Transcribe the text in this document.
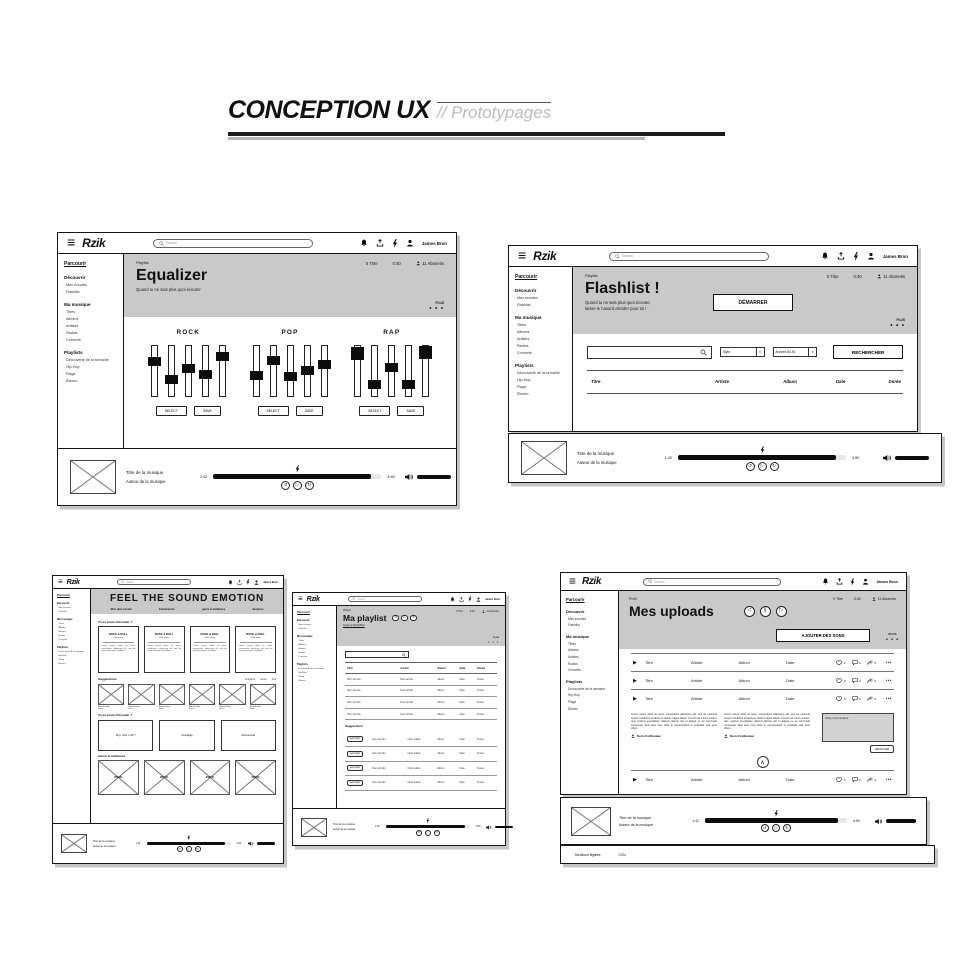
CONCEPTION UX // Prototypages
≡ Rzik	Search	James Bron
Parcourir
Découvrir
Mes écoutes
Flashlist
Ma musique
Titres
Albums
Artistes
Radios
Concerts
Playlists
Découverte de la semaine
Hip-Hop
Plage
Électro
Playlist
Equalizer
Quand tu ne sais plus quoi écouter
0 Titre	0:40	11 Abonnés
PLUS
• • •
ROCK
SELECT	SAVE
POP
SELECT	SAVE
RAP
SELECT	SAVE
Titre de la musique
Auteur de la musique
1:42	4:50
↺	▷	↻
≡ Rzik	Search	James Bron
Parcourir
Découvrir
Mes écoutes
Flashlist
Ma musique
Titres
Albums
Artistes
Radios
Concerts
Playlists
Découverte de la semaine
Hip-Hop
Plage
Électro
Playlist
Flashlist !
Quand tu ne sais plus quoi écouter,
laisse le hasard décider pour toi !
DÉMARRER
0 Titre	0:40	11 Abonnés
PLUS
• • •
Style	▼	Années 80-90	▼	RECHERCHER
Titre	Artiste	Album	Date	Durée
Titre de la musique
Auteur de la musique
1:42	4:50
↺	▷	↻
≡ Rzik	Search	James Bron
Parcourir
Découvrir
Mes écoutes
Flashlist
Ma musique
Titres
Albums
Artistes
Radios
Concerts
Playlists
Découverte de la semaine
Hip-Hop
Plage
Électro
FEEL THE SOUND EMOTION
Mon plus écouté	Évènements	genre & ambiance	Surprise
Tu as envie d'écouter ?
ROCK & ROLL
Petit texte
Lorem ipsum dolor sit amet, consectetur adipiscing elit, sed do eiusmod tempor incididunt.
ROCK & ROLL
Petit texte
Lorem ipsum dolor sit amet, consectetur adipiscing elit, sed do eiusmod tempor incididunt.
ROCK & ROLL
Petit texte
Lorem ipsum dolor sit amet, consectetur adipiscing elit, sed do eiusmod tempor incididunt.
ROCK & ROLL
Petit texte
Lorem ipsum dolor sit amet, consectetur adipiscing elit, sed do eiusmod tempor incididunt.
Suggestions	Ambiance Genre Tout
Nom du titre
Artiste
Nom du titre
Artiste
Nom du titre
Artiste
Nom du titre
Artiste
Nom du titre
Artiste
Nom du titre
Artiste
Tu as envie d'écouter ?
Pop, rock n'roll ?	Nostalgie	Découverte
Genre & ambiance
ROCK	ROCK	ROCK	ROCK
Titre de la musique
Auteur de la musique
1:42	4:50
↺	▷	↻
≡ Rzik	Search	James Bron
Parcourir
Découvrir
Mes écoutes
Flashlist
Ma musique
Titres
Albums
Artistes
Radios
Concerts
Playlists
Découverte de la semaine
Hip-Hop
Plage
Électro
Playlist
Ma playlist	↺	▷	↻
Créée le 01/01/2021
0 Titre	0:40	11 Abonnés
PLUS
• • •
Titre	Artiste	Album	Date	Durée
Nom du titre	Nom artiste	Album	Date	Durée
Nom du titre	Nom artiste	Album	Date	Durée
Nom du titre	Nom artiste	Album	Date	Durée
Nom du titre	Nom artiste	Album	Date	Durée
Suggestions
AJOUTER	Nom du titre	Nom artiste	Album	Date	Durée
AJOUTER	Nom du titre	Nom artiste	Album	Date	Durée
AJOUTER	Nom du titre	Nom artiste	Album	Date	Durée
AJOUTER	Nom du titre	Nom artiste	Album	Date	Durée
Titre de la musique
Auteur de la musique
1:42	4:50
↺	▷	↻
≡ Rzik	Search	James Bron
Parcourir
Découvrir
Mes écoutes
Flashlist
Ma musique
Titres
Albums
Artistes
Radios
Concerts
Playlists
Découverte de la semaine
Hip-Hop
Plage
Électro
Profil
Mes uploads	◁	∥	▷
AJOUTER DES SONS	PLUS
• • •
0 Titre	0:40	11 Abonnés
▶	Titre	Artiste	Album	Date	0	0	0	•••
▶	Titre	Artiste	Album	Date	0	0	0	•••
▶	Titre	Artiste	Album	Date	0	0	0	•••

Lorem ipsum dolor sit amet, consectetur adipiscing elit, sed do eiusmod tempor incididunt ut labore et dolore magna aliqua. Ut enim ad minim veniam, quis nostrud exercitation ullamco laboris nisi ut aliquip ex ea commodo consequat. Duis aute irure dolor in reprehenderit in voluptate velit esse cillum.

Nom d'utilisateur

Lorem ipsum dolor sit amet, consectetur adipiscing elit, sed do eiusmod tempor incididunt ut labore et dolore magna aliqua. Ut enim ad minim veniam, quis nostrud exercitation ullamco laboris nisi ut aliquip ex ea commodo consequat. Duis aute irure dolor in reprehenderit in voluptate velit esse cillum.

Nom d'utilisateur
Votre commentaire
ENVOYER
∧
▶	Titre	Artiste	Album	Date	0	0	0	•••
Titre de la musique
Auteur de la musique
1:42	4:50
↺	▷	↻
Mentions légales	CGU
